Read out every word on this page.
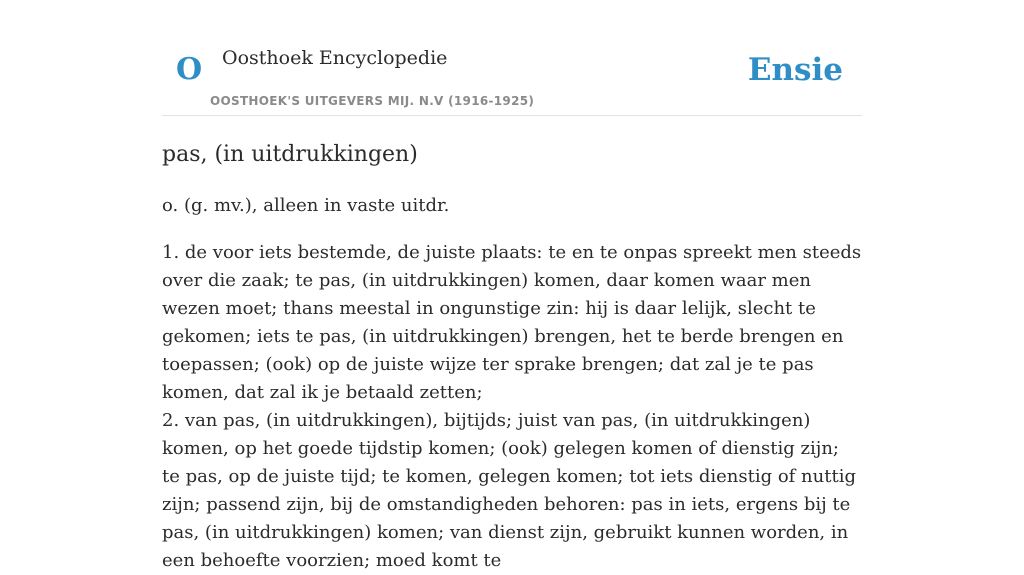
O Oosthoek Encyclopedie
OOSTHOEK'S UITGEVERS MIJ. N.V (1916-1925)
Ensie
pas, (in uitdrukkingen)

o. (g. mv.), alleen in vaste uitdr.

1. de voor iets bestemde, de juiste plaats: te en te onpas spreekt men steeds over die zaak; te pas, (in uitdrukkingen) komen, daar komen waar men wezen moet; thans meestal in ongunstige zin: hij is daar lelijk, slecht te gekomen; iets te pas, (in uitdrukkingen) brengen, het te berde brengen en toepassen; (ook) op de juiste wijze ter sprake brengen; dat zal je te pas komen, dat zal ik je betaald zetten;
2. van pas, (in uitdrukkingen), bijtijds; juist van pas, (in uitdrukkingen) komen, op het goede tijdstip komen; (ook) gelegen komen of dienstig zijn; te pas, op de juiste tijd; te komen, gelegen komen; tot iets dienstig of nuttig zijn; passend zijn, bij de omstandigheden behoren: pas in iets, ergens bij te pas, (in uitdrukkingen) komen; van dienst zijn, gebruikt kunnen worden, in een behoefte voorzien; moed komt te
